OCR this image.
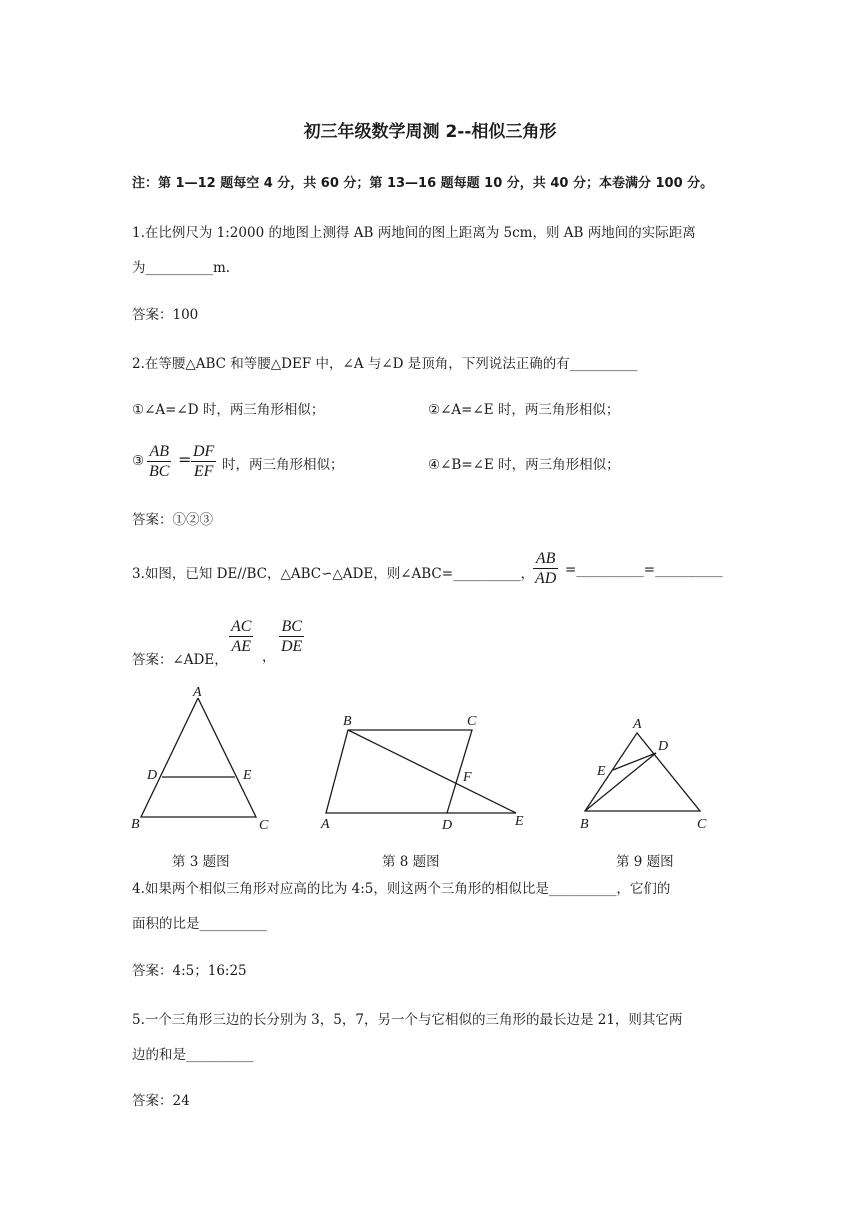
初三年级数学周测 2--相似三角形
注：第 1—12 题每空 4 分，共 60 分；第 13—16 题每题 10 分，共 40 分；本卷满分 100 分。
1.在比例尺为 1:2000 的地图上测得 AB 两地间的图上距离为 5cm，则 AB 两地间的实际距离
为__________m.
答案：100
2.在等腰△ABC 和等腰△DEF 中，∠A 与∠D 是顶角，下列说法正确的有__________
①∠A=∠D 时，两三角形相似；	②∠A=∠E 时，两三角形相似；
③ $\frac{AB}{BC} = \frac{DF}{EF}$ 时，两三角形相似；	④∠B=∠E 时，两三角形相似；
答案：①②③
3.如图，已知 DE//BC，△ABC∽△ADE，则∠ABC=__________，
$\frac{AB}{AD}$ =__________=__________
答案：∠ADE，
$\frac{AC}{AE}$
，
$\frac{BC}{DE}$
A
B	C
D	E
B	C
A	D	E
F
A
B	C
D
E
第 3 题图	第 8 题图	第 9 题图
4.如果两个相似三角形对应高的比为 4:5，则这两个三角形的相似比是__________，它们的
面积的比是__________
答案：4:5；16:25
5.一个三角形三边的长分别为 3，5，7，另一个与它相似的三角形的最长边是 21，则其它两
边的和是__________
答案：24
